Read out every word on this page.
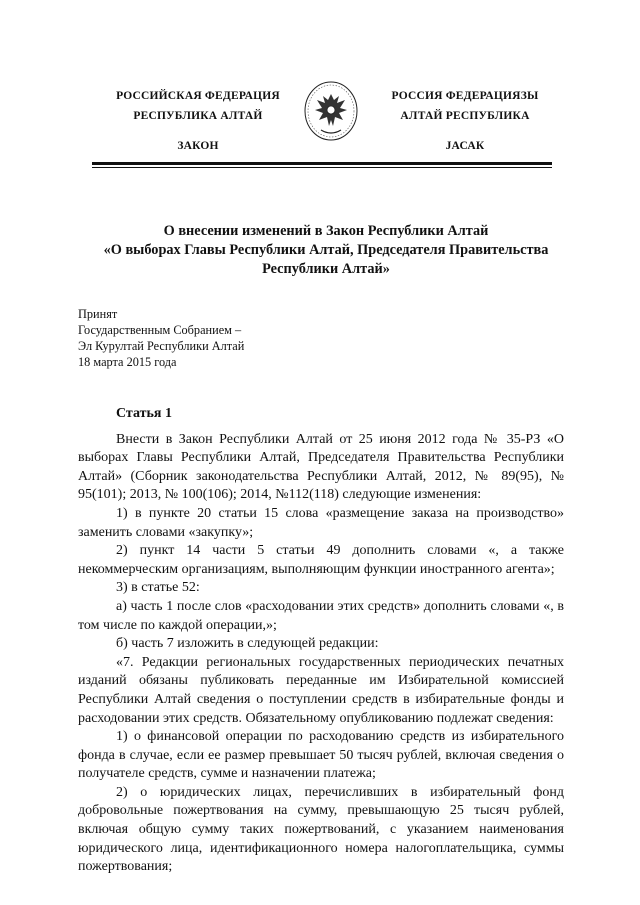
РОССИЙСКАЯ ФЕДЕРАЦИЯ
РЕСПУБЛИКА АЛТАЙ
ЗАКОН
РОССИЯ ФЕДЕРАЦИЯЗЫ
АЛТАЙ РЕСПУБЛИКА
JАСАК
О внесении изменений в Закон Республики Алтай
«О выборах Главы Республики Алтай, Председателя Правительства
Республики Алтай»
Принят
Государственным Собранием –
Эл Курултай Республики Алтай
18 марта 2015 года
Статья 1

Внести в Закон Республики Алтай от 25 июня 2012 года № 35-РЗ «О выборах Главы Республики Алтай, Председателя Правительства Республики Алтай» (Сборник законодательства Республики Алтай, 2012, № 89(95), № 95(101); 2013, № 100(106); 2014, №112(118) следующие изменения:

1) в пункте 20 статьи 15 слова «размещение заказа на производство» заменить словами «закупку»;

2) пункт 14 части 5 статьи 49 дополнить словами «, а также некоммерческим организациям, выполняющим функции иностранного агента»;

3) в статье 52:

а) часть 1 после слов «расходовании этих средств» дополнить словами «, в том числе по каждой операции,»;

б) часть 7 изложить в следующей редакции:

«7. Редакции региональных государственных периодических печатных изданий обязаны публиковать переданные им Избирательной комиссией Республики Алтай сведения о поступлении средств в избирательные фонды и расходовании этих средств. Обязательному опубликованию подлежат сведения:

1) о финансовой операции по расходованию средств из избирательного фонда в случае, если ее размер превышает 50 тысяч рублей, включая сведения о получателе средств, сумме и назначении платежа;

2) о юридических лицах, перечисливших в избирательный фонд добровольные пожертвования на сумму, превышающую 25 тысяч рублей, включая общую сумму таких пожертвований, с указанием наименования юридического лица, идентификационного номера налогоплательщика, суммы пожертвования;
